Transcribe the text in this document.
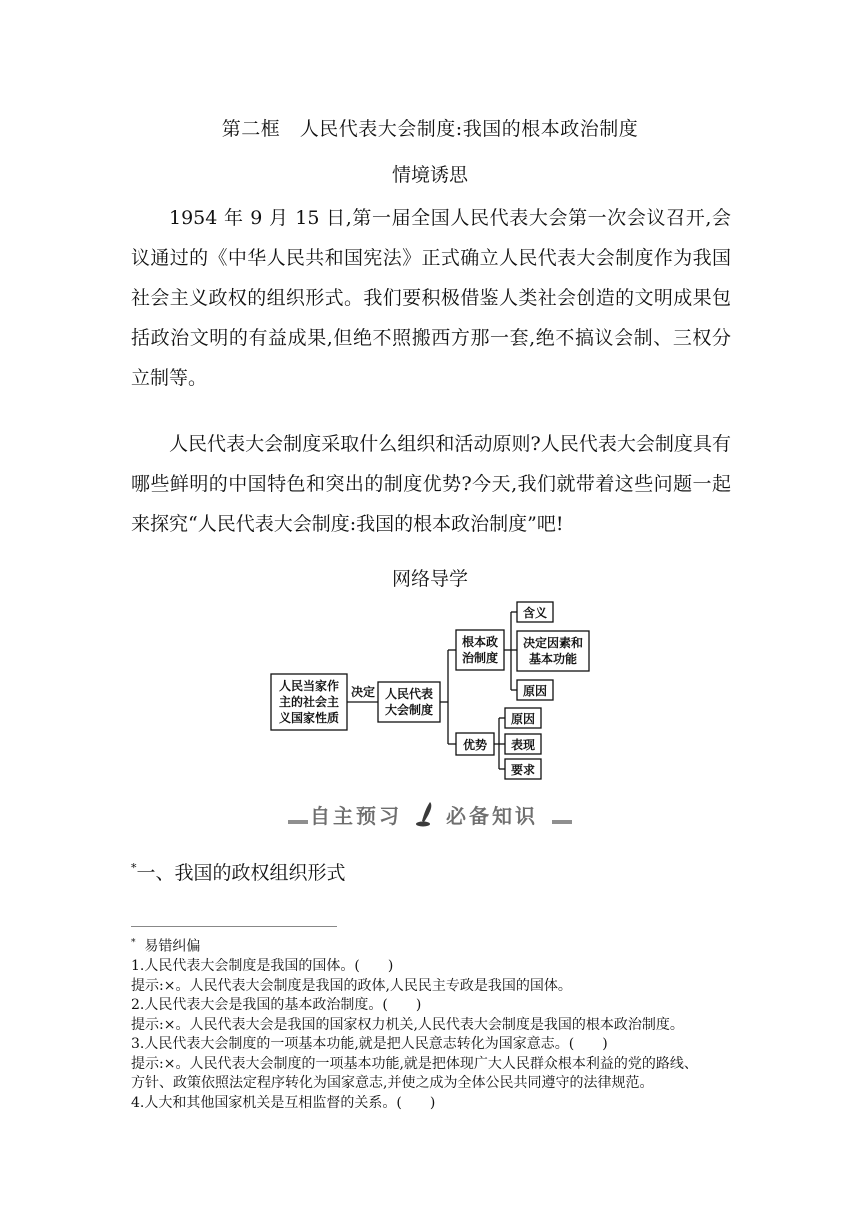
第二框　人民代表大会制度:我国的根本政治制度
情境诱思
1954 年 9 月 15 日,第一届全国人民代表大会第一次会议召开,会议通过的《中华人民共和国宪法》正式确立人民代表大会制度作为我国社会主义政权的组织形式。我们要积极借鉴人类社会创造的文明成果包括政治文明的有益成果,但绝不照搬西方那一套,绝不搞议会制、三权分立制等。
人民代表大会制度采取什么组织和活动原则?人民代表大会制度具有哪些鲜明的中国特色和突出的制度优势?今天,我们就带着这些问题一起来探究“人民代表大会制度:我国的根本政治制度”吧!
网络导学
人民当家作
主的社会主
义国家性质
决定 人民代表
大会制度
根本政
治制度
含义
决定因素和
基本功能
原因
优势
原因
表现
要求
自主预习 必备知识
*一、我国的政权组织形式
* 易错纠偏
1.人民代表大会制度是我国的国体。(　　)
提示:×。人民代表大会制度是我国的政体,人民民主专政是我国的国体。
2.人民代表大会是我国的基本政治制度。(　　)
提示:×。人民代表大会是我国的国家权力机关,人民代表大会制度是我国的根本政治制度。
3.人民代表大会制度的一项基本功能,就是把人民意志转化为国家意志。(　　)
提示:×。人民代表大会制度的一项基本功能,就是把体现广大人民群众根本利益的党的路线、
方针、政策依照法定程序转化为国家意志,并使之成为全体公民共同遵守的法律规范。
4.人大和其他国家机关是互相监督的关系。(　　)
